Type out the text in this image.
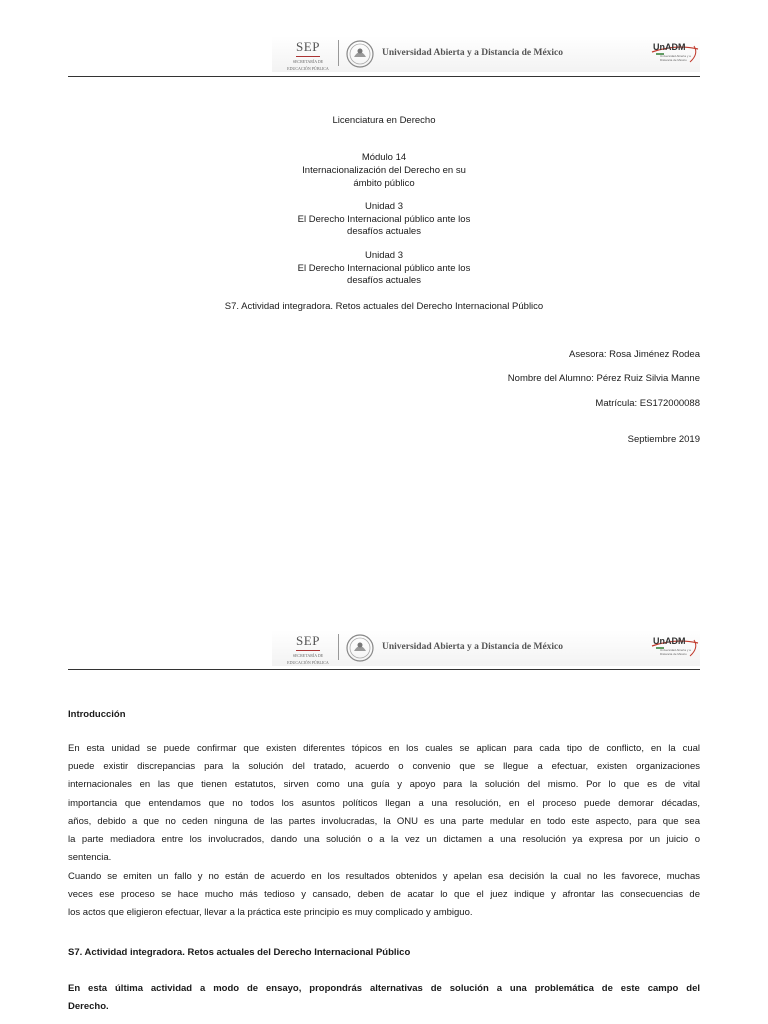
SEP
SECRETARÍA DE
EDUCACIÓN PÚBLICA
Universidad Abierta y a Distancia de México
UnADM
Universidad Abierta y a Distancia de México
Licenciatura en Derecho
Módulo 14
Internacionalización del Derecho en su
ámbito público
Unidad 3
El Derecho Internacional público ante los
desafíos actuales
Unidad 3
El Derecho Internacional público ante los
desafíos actuales
S7. Actividad integradora. Retos actuales del Derecho Internacional Público
Asesora: Rosa Jiménez Rodea
Nombre del Alumno: Pérez Ruiz Silvia Manne
Matrícula: ES172000088
Septiembre 2019
SEP
SECRETARÍA DE
EDUCACIÓN PÚBLICA
Universidad Abierta y a Distancia de México
UnADM
Universidad Abierta y a Distancia de México
Introducción
En esta unidad se puede confirmar que existen diferentes tópicos en los cuales se aplican para cada tipo de conflicto, en la cual
puede existir discrepancias para la solución del tratado, acuerdo o convenio que se llegue a efectuar, existen organizaciones
internacionales en las que tienen estatutos, sirven como una guía y apoyo para la solución del mismo. Por lo que es de vital
importancia que entendamos que no todos los asuntos políticos llegan a una resolución, en el proceso puede demorar décadas,
años, debido a que no ceden ninguna de las partes involucradas, la ONU es una parte medular en todo este aspecto, para que sea
la parte mediadora entre los involucrados, dando una solución o a la vez un dictamen a una resolución ya expresa por un juicio o
sentencia.
Cuando se emiten un fallo y no están de acuerdo en los resultados obtenidos y apelan esa decisión la cual no les favorece, muchas
veces ese proceso se hace mucho más tedioso y cansado, deben de acatar lo que el juez indique y afrontar las consecuencias de
los actos que eligieron efectuar, llevar a la práctica este principio es muy complicado y ambiguo.
S7. Actividad integradora. Retos actuales del Derecho Internacional Público
En esta última actividad a modo de ensayo, propondrás alternativas de solución a una problemática de este campo del
Derecho.
